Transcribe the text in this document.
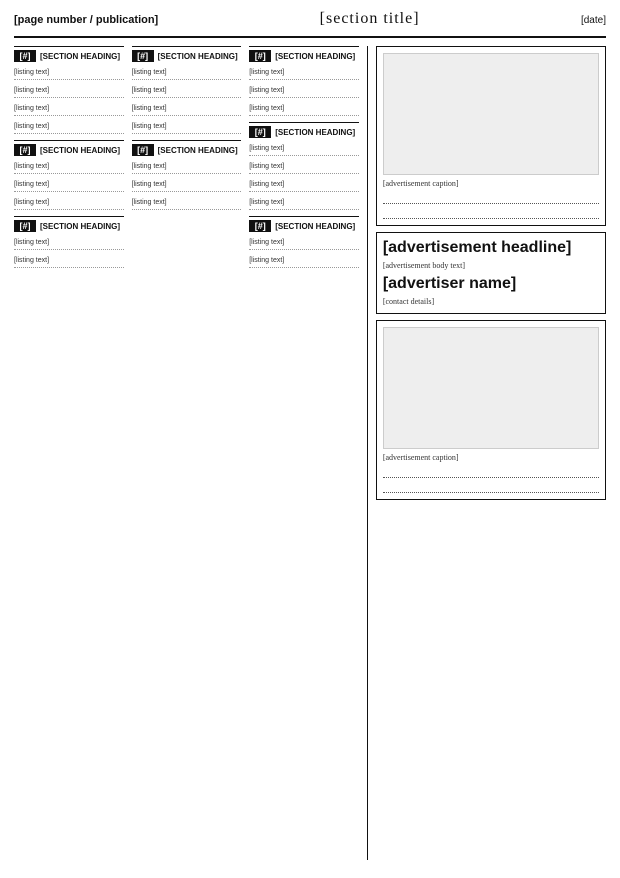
[page number / publication]	[section title]	[date]
[#]	[SECTION HEADING]
[listing text]
[listing text]
[listing text]
[listing text]
[#]	[SECTION HEADING]
[listing text]
[listing text]
[listing text]
[#]	[SECTION HEADING]
[listing text]
[listing text]
[#]	[SECTION HEADING]
[listing text]
[listing text]
[listing text]
[listing text]
[#]	[SECTION HEADING]
[listing text]
[listing text]
[listing text]
[#]	[SECTION HEADING]
[listing text]
[listing text]
[listing text]
[#]	[SECTION HEADING]
[listing text]
[listing text]
[listing text]
[listing text]
[#]	[SECTION HEADING]
[listing text]
[listing text]
[advertisement caption]
[advertisement headline]
[advertisement body text]
[advertiser name]
[contact details]
[advertisement caption]
